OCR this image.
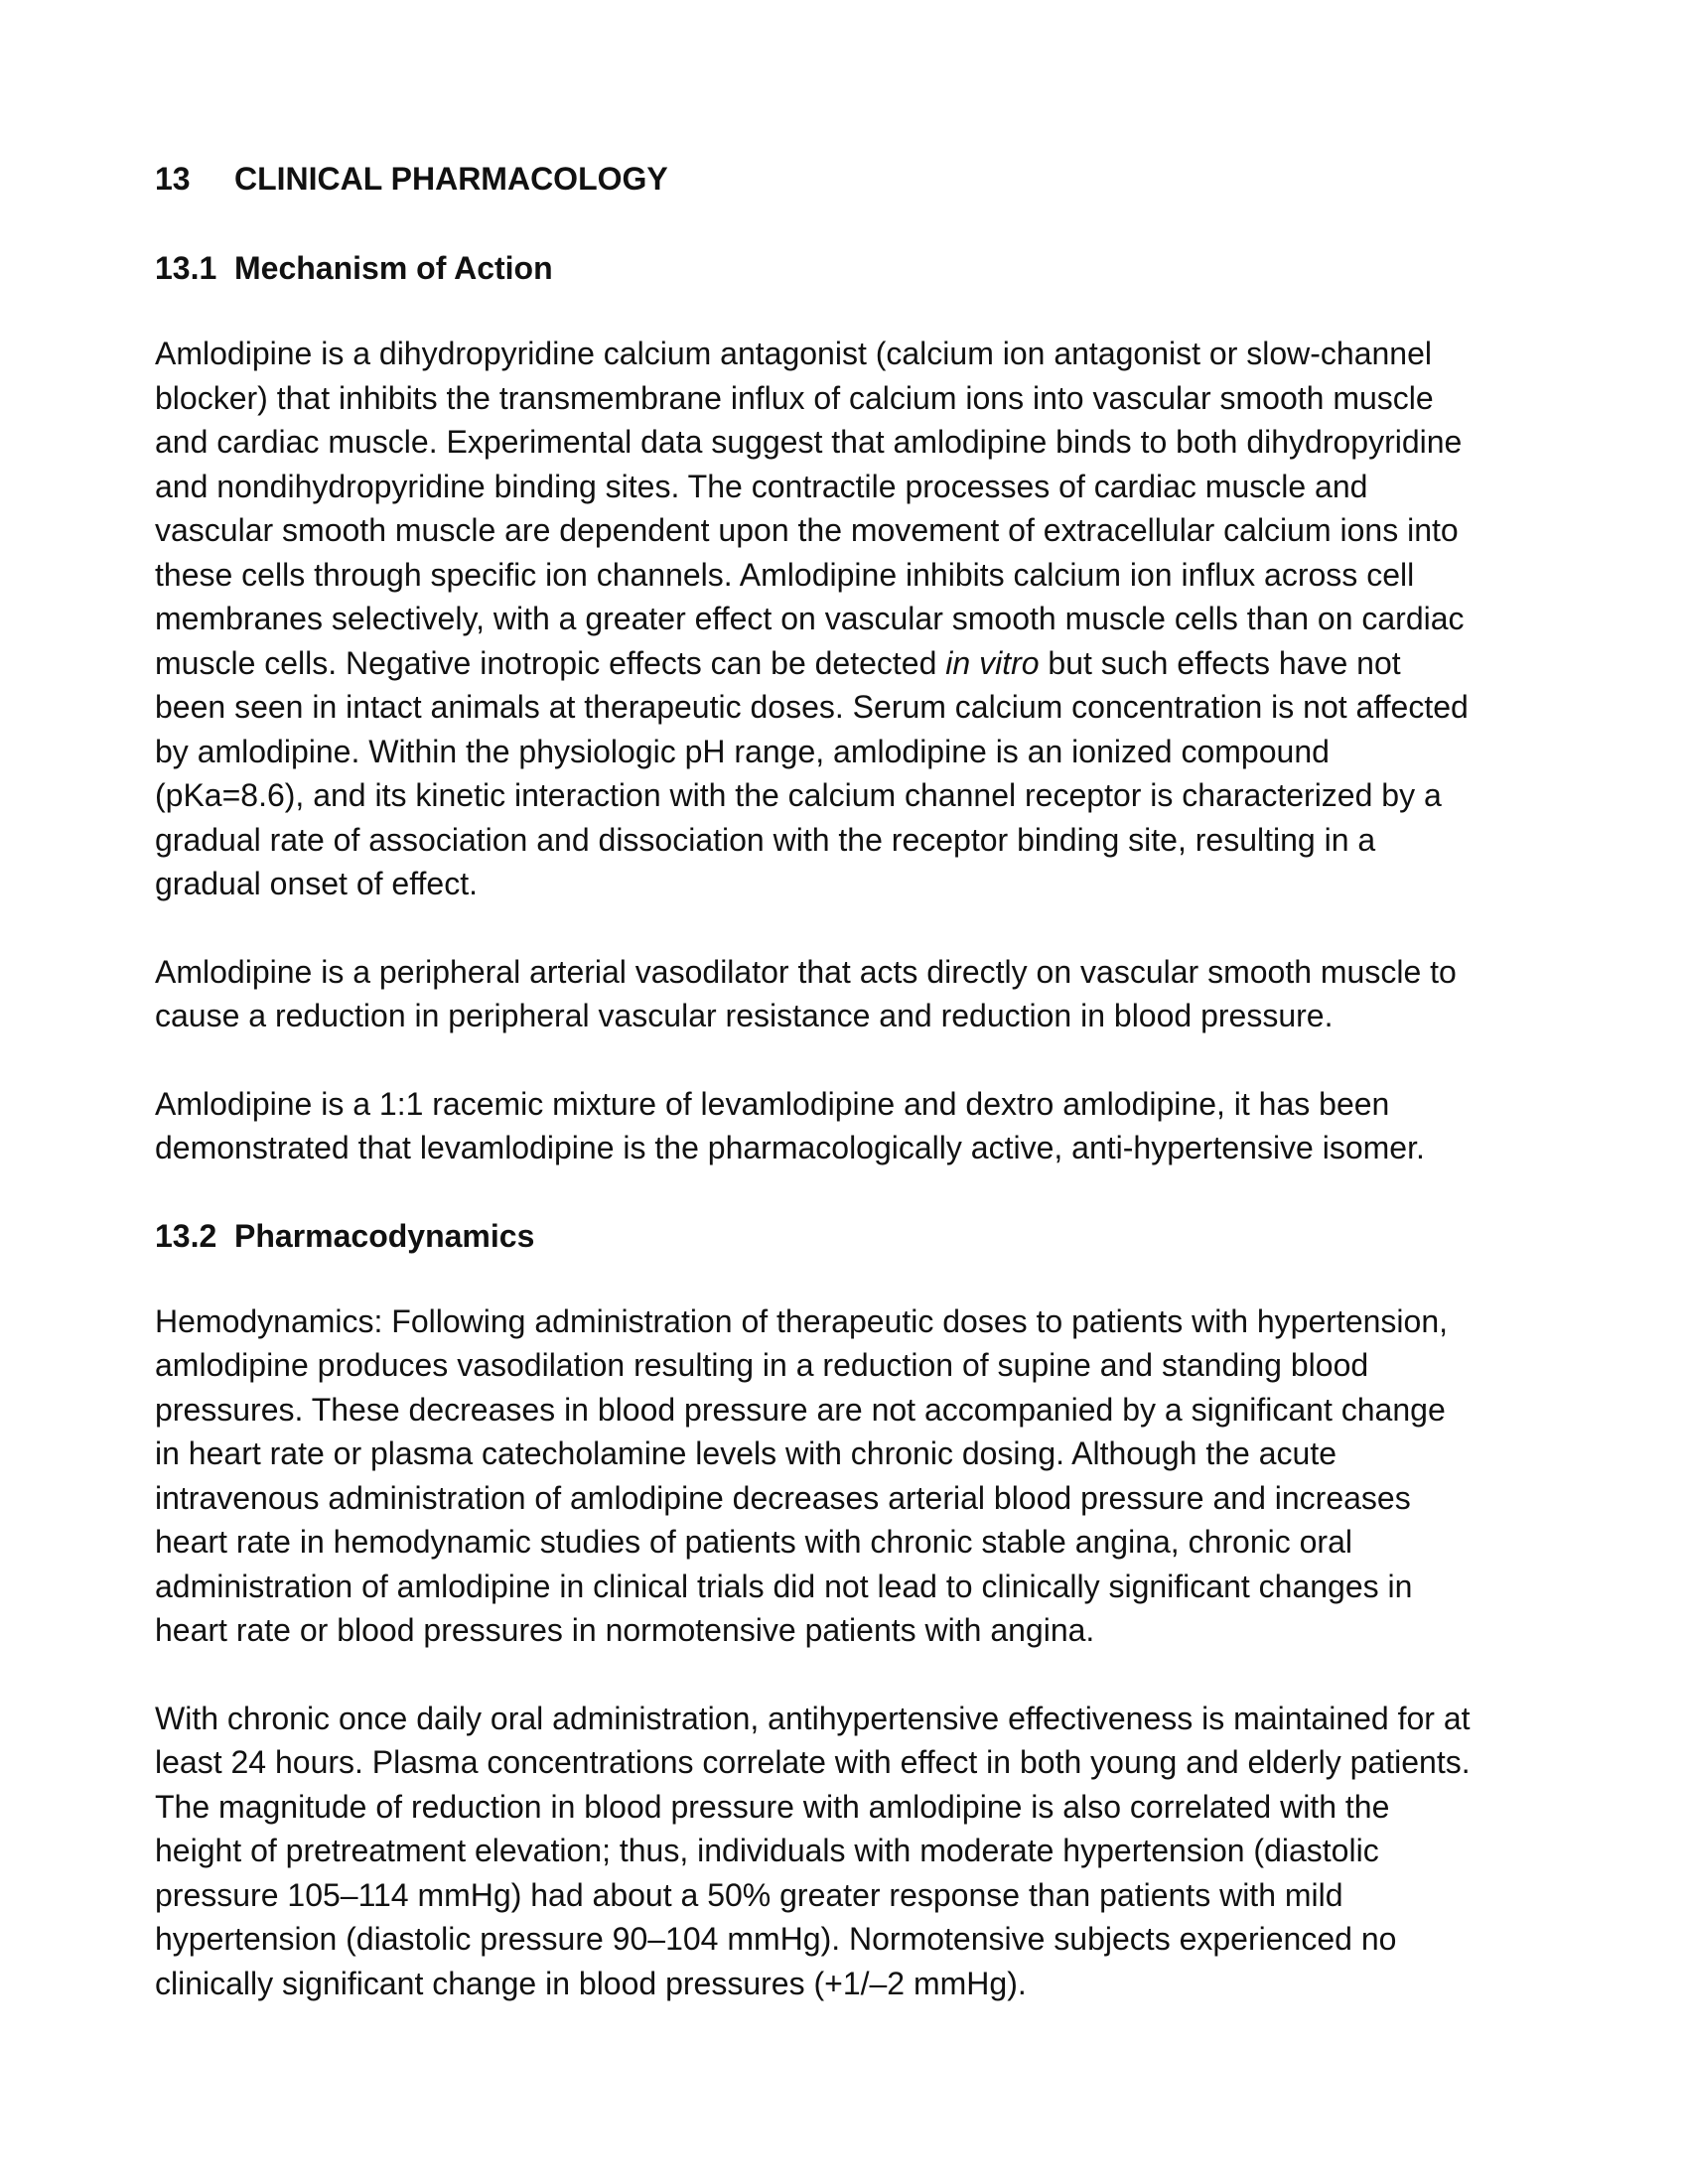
13 CLINICAL PHARMACOLOGY
13.1 Mechanism of Action

Amlodipine is a dihydropyridine calcium antagonist (calcium ion antagonist or slow-channel
blocker) that inhibits the transmembrane influx of calcium ions into vascular smooth muscle
and cardiac muscle. Experimental data suggest that amlodipine binds to both dihydropyridine
and nondihydropyridine binding sites. The contractile processes of cardiac muscle and
vascular smooth muscle are dependent upon the movement of extracellular calcium ions into
these cells through specific ion channels. Amlodipine inhibits calcium ion influx across cell
membranes selectively, with a greater effect on vascular smooth muscle cells than on cardiac
muscle cells. Negative inotropic effects can be detected in vitro but such effects have not
been seen in intact animals at therapeutic doses. Serum calcium concentration is not affected
by amlodipine. Within the physiologic pH range, amlodipine is an ionized compound
(pKa=8.6), and its kinetic interaction with the calcium channel receptor is characterized by a
gradual rate of association and dissociation with the receptor binding site, resulting in a
gradual onset of effect.

Amlodipine is a peripheral arterial vasodilator that acts directly on vascular smooth muscle to
cause a reduction in peripheral vascular resistance and reduction in blood pressure.

Amlodipine is a 1:1 racemic mixture of levamlodipine and dextro amlodipine, it has been
demonstrated that levamlodipine is the pharmacologically active, anti-hypertensive isomer.

13.2 Pharmacodynamics

Hemodynamics: Following administration of therapeutic doses to patients with hypertension,
amlodipine produces vasodilation resulting in a reduction of supine and standing blood
pressures. These decreases in blood pressure are not accompanied by a significant change
in heart rate or plasma catecholamine levels with chronic dosing. Although the acute
intravenous administration of amlodipine decreases arterial blood pressure and increases
heart rate in hemodynamic studies of patients with chronic stable angina, chronic oral
administration of amlodipine in clinical trials did not lead to clinically significant changes in
heart rate or blood pressures in normotensive patients with angina.

With chronic once daily oral administration, antihypertensive effectiveness is maintained for at
least 24 hours. Plasma concentrations correlate with effect in both young and elderly patients.
The magnitude of reduction in blood pressure with amlodipine is also correlated with the
height of pretreatment elevation; thus, individuals with moderate hypertension (diastolic
pressure 105–114 mmHg) had about a 50% greater response than patients with mild
hypertension (diastolic pressure 90–104 mmHg). Normotensive subjects experienced no
clinically significant change in blood pressures (+1/–2 mmHg).
